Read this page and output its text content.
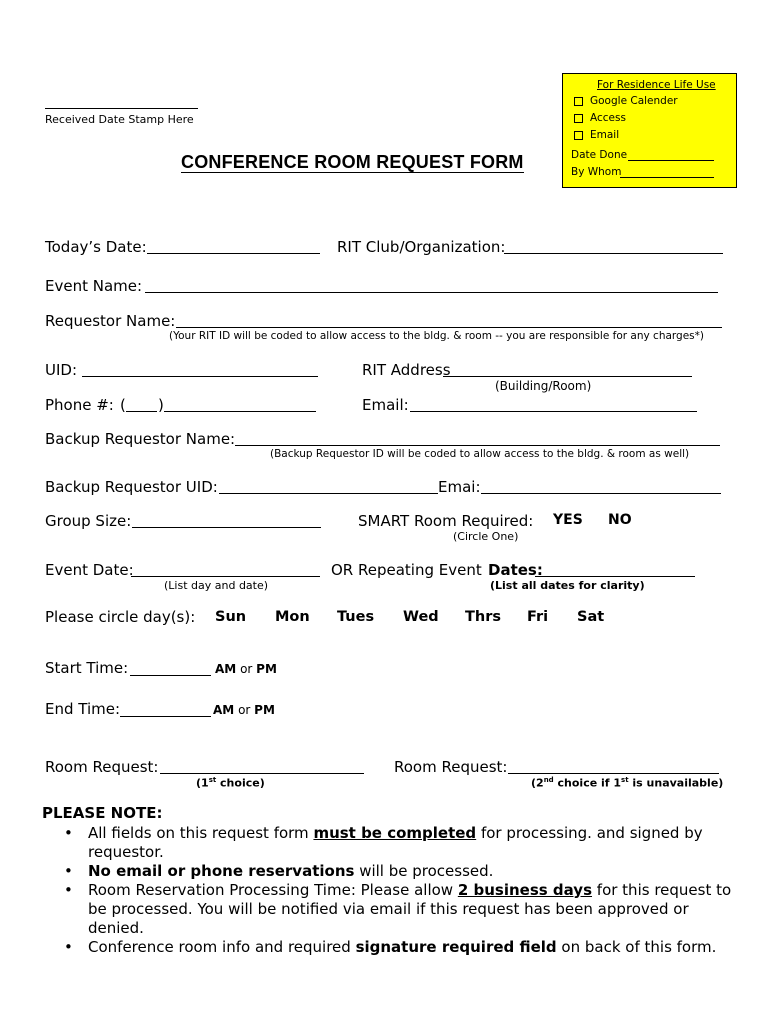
Received Date Stamp Here
For Residence Life Use
Google Calender
Access
Email
Date Done
By Whom
CONFERENCE ROOM REQUEST FORM
Today’s Date:	RIT Club/Organization:
Event Name:
Requestor Name:
(Your RIT ID will be coded to allow access to the bldg. & room -- you are responsible for any charges*)
UID:	RIT Address
(Building/Room)
Phone #: ( )	Email:
Backup Requestor Name:
(Backup Requestor ID will be coded to allow access to the bldg. & room as well)
Backup Requestor UID:	Emai:
Group Size:	SMART Room Required: YES NO
(Circle One)
Event Date:
(List day and date)
OR Repeating Event Dates:
(List all dates for clarity)
Please circle day(s): Sun Mon Tues Wed Thrs Fri Sat
Start Time:	AM or PM
End Time:	AM or PM
Room Request:
(1st choice)
Room Request:
(2nd choice if 1st is unavailable)
PLEASE NOTE:
• All fields on this request form must be completed for processing. and signed by requestor.
• No email or phone reservations will be processed.
• Room Reservation Processing Time: Please allow 2 business days for this request to be processed. You will be notified via email if this request has been approved or denied.
• Conference room info and required signature required field on back of this form.
